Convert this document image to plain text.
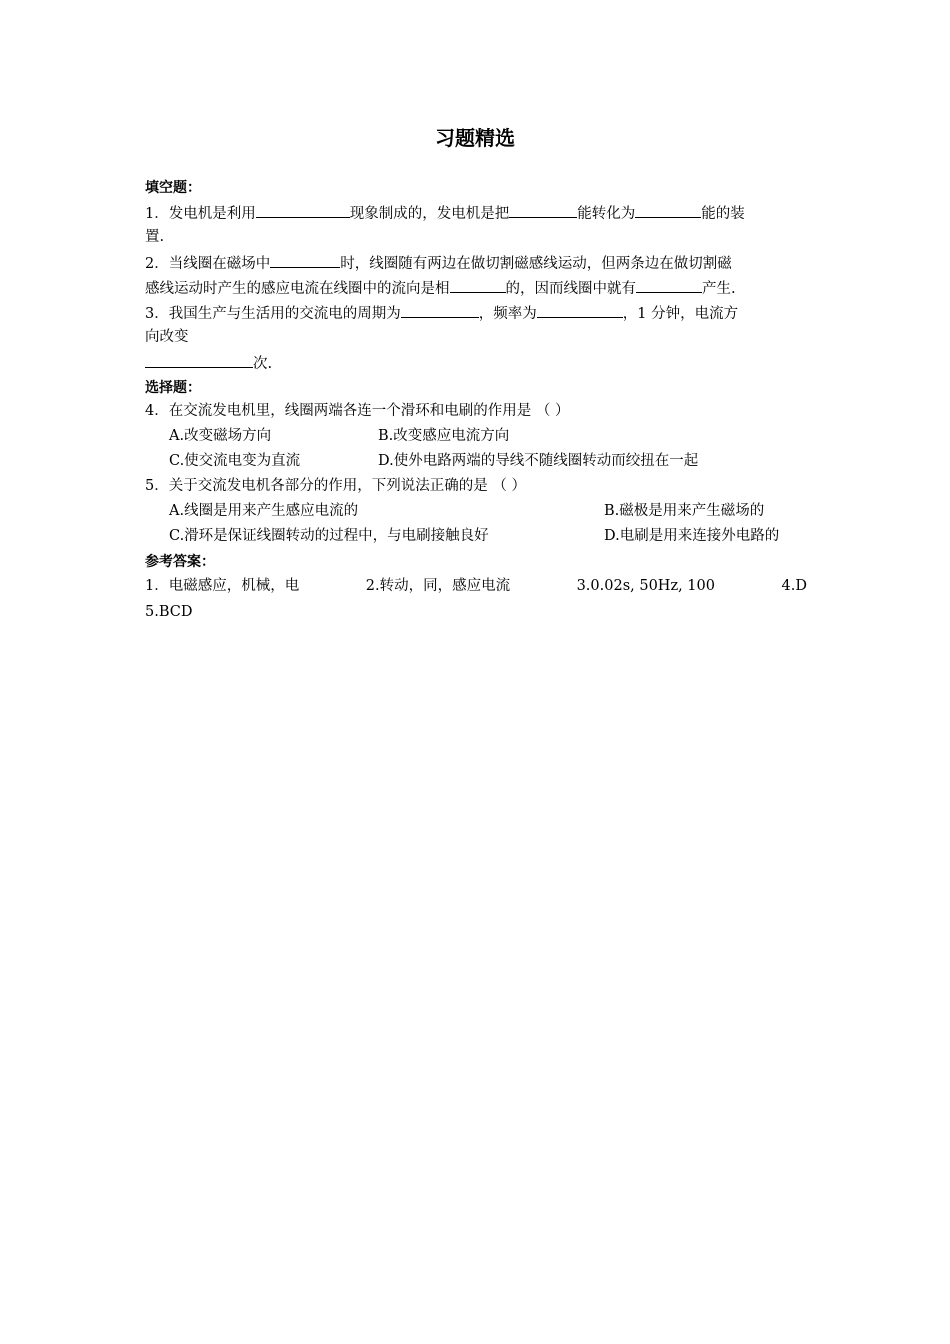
习题精选
填空题：
1．发电机是利用	现象制成的，发电机是把	能转化为	能的装
置.
2．当线圈在磁场中	时，线圈随有两边在做切割磁感线运动，但两条边在做切割磁
感线运动时产生的感应电流在线圈中的流向是相	的，因而线圈中就有	产生.
3．我国生产与生活用的交流电的周期为	，频率为	，1 分钟，电流方
向改变
次.
选择题：
4．在交流发电机里，线圈两端各连一个滑环和电刷的作用是 （ ）
A.改变磁场方向	B.改变感应电流方向
C.使交流电变为直流	D.使外电路两端的导线不随线圈转动而绞扭在一起
5．关于交流发电机各部分的作用，下列说法正确的是 （ ）
A.线圈是用来产生感应电流的	B.磁极是用来产生磁场的
C.滑环是保证线圈转动的过程中，与电刷接触良好	D.电刷是用来连接外电路的
参考答案：
1．电磁感应，机械，电	2.转动，同，感应电流	3.0.02s, 50Hz, 100	4.D
5.BCD
